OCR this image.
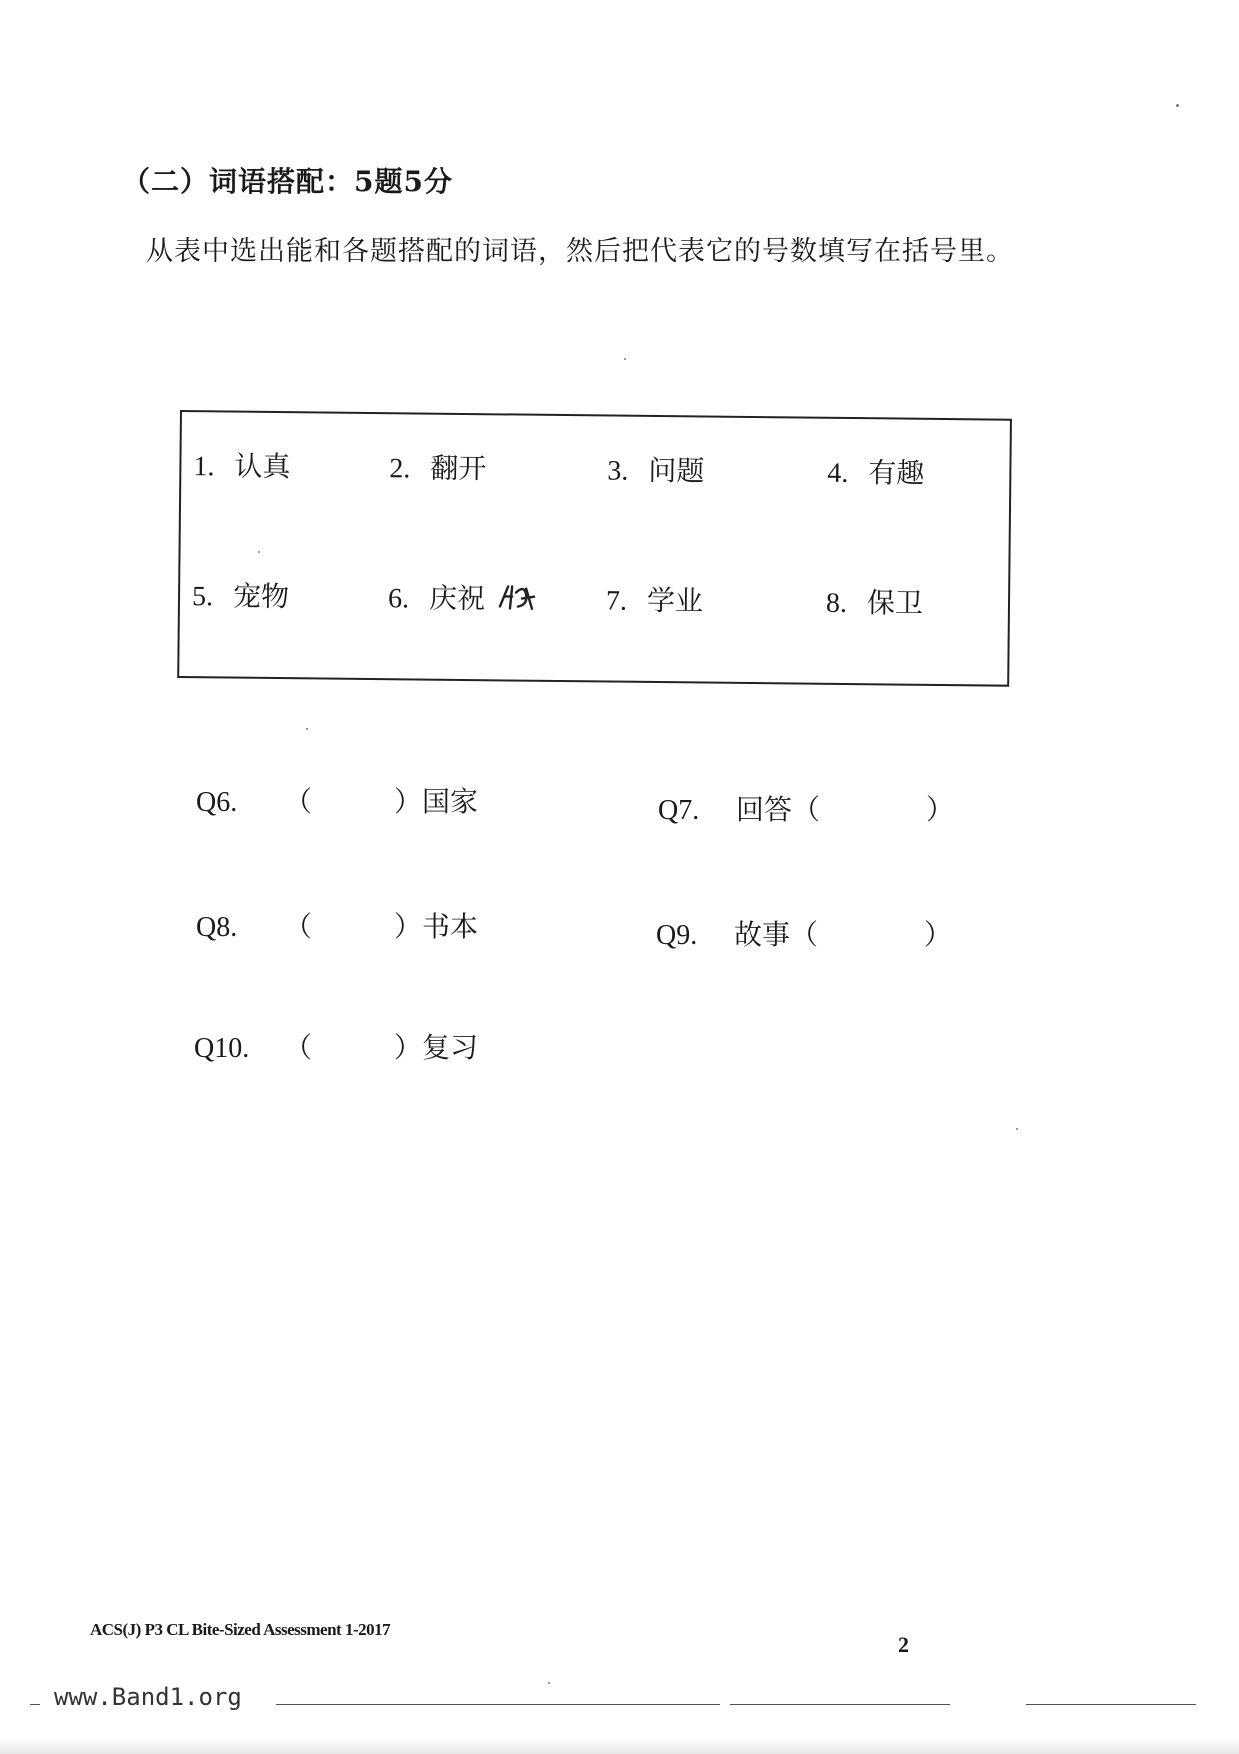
（二）词语搭配：5题5分
从表中选出能和各题搭配的词语，然后把代表它的号数填写在括号里。
1. 认真	2. 翻开	3. 问题	4. 有趣
5. 宠物	6. 庆祝	7. 学业	8. 保卫
Q6. （	）国家	Q7. 回答（	）
Q8. （	）书本	Q9. 故事（	）
Q10. （	）复习
ACS(J) P3 CL Bite-Sized Assessment 1-2017
2
www.Band1.org
